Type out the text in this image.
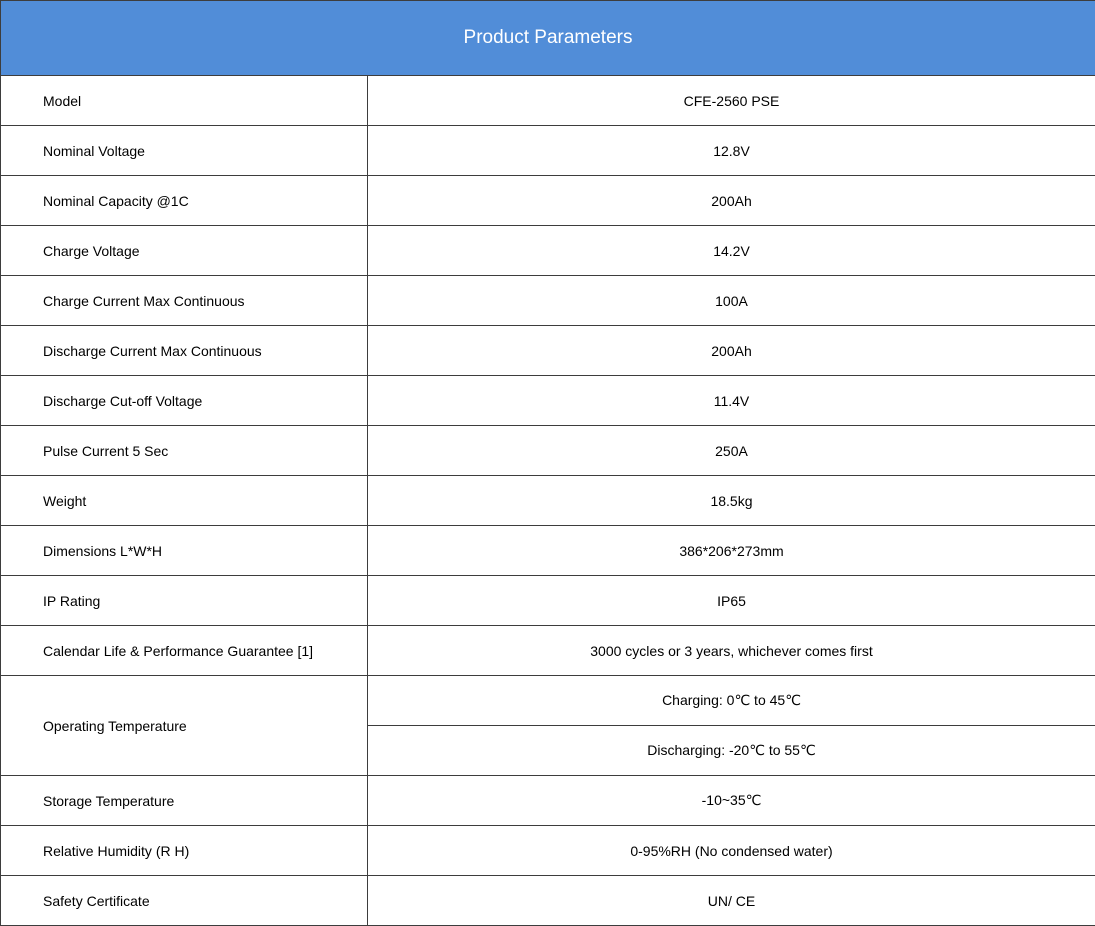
Product Parameters	
Model	CFE-2560 PSE
Nominal Voltage	12.8V
Nominal Capacity @1C	200Ah
Charge Voltage	14.2V
Charge Current Max Continuous	100A
Discharge Current Max Continuous	200Ah
Discharge Cut-off Voltage	11.4V
Pulse Current 5 Sec	250A
Weight	18.5kg
Dimensions L*W*H	386*206*273mm
IP Rating	IP65
Calendar Life & Performance Guarantee [1]	3000 cycles or 3 years, whichever comes first
Operating Temperature	Charging: 0℃ to 45℃
	Discharging: -20℃ to 55℃
Storage Temperature	-10~35℃
Relative Humidity (R H)	0-95%RH (No condensed water)
Safety Certificate	UN/ CE
